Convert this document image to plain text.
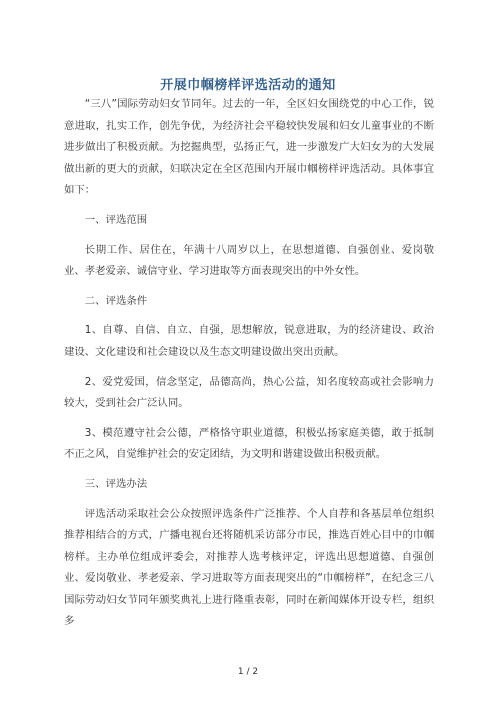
开展巾帼榜样评选活动的通知

“三八”国际劳动妇女节同年。过去的一年，全区妇女围绕党的中心工作，锐意进取，扎实工作，创先争优，为经济社会平稳较快发展和妇女儿童事业的不断进步做出了积极贡献。为挖掘典型，弘扬正气，进一步激发广大妇女为的大发展做出新的更大的贡献，妇联决定在全区范围内开展巾帼榜样评选活动。具体事宜如下：

一、评选范围

长期工作、居住在，年满十八周岁以上，在思想道德、自强创业、爱岗敬业、孝老爱亲、诚信守业、学习进取等方面表现突出的中外女性。

二、评选条件

1、自尊、自信、自立、自强，思想解放，锐意进取，为的经济建设、政治建设、文化建设和社会建设以及生态文明建设做出突出贡献。

2、爱党爱国，信念坚定，品德高尚，热心公益，知名度较高或社会影响力较大，受到社会广泛认同。

3、模范遵守社会公德，严格恪守职业道德，积极弘扬家庭美德，敢于抵制不正之风，自觉维护社会的安定团结，为文明和谐建设做出积极贡献。

三、评选办法

评选活动采取社会公众按照评选条件广泛推荐、个人自荐和各基层单位组织推荐相结合的方式，广播电视台还将随机采访部分市民，推选百姓心目中的巾帼榜样。主办单位组成评委会，对推荐人选考核评定，评选出思想道德、自强创业、爱岗敬业、孝老爱亲、学习进取等方面表现突出的“巾帼榜样”，在纪念三八国际劳动妇女节同年颁奖典礼上进行隆重表彰，同时在新闻媒体开设专栏，组织多

1 / 2
